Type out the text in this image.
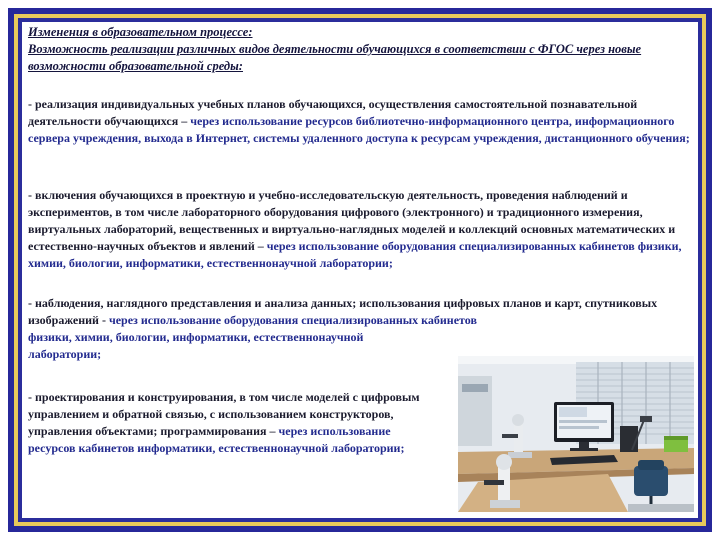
Изменения в образовательном процессе:
Возможность реализации различных видов деятельности обучающихся в соответствии с ФГОС через новые возможности образовательной среды:
- реализация индивидуальных учебных планов обучающихся, осуществления самостоятельной познавательной деятельности обучающихся – через использование ресурсов библиотечно-информационного центра, информационного сервера учреждения, выхода в Интернет, системы удаленного доступа к ресурсам учреждения, дистанционного обучения;
- включения обучающихся в проектную и учебно-исследовательскую деятельность, проведения наблюдений и экспериментов, в том числе лабораторного оборудования цифрового (электронного) и традиционного измерения, виртуальных лабораторий, вещественных и виртуально-наглядных моделей и коллекций основных математических и естественно-научных объектов и явлений – через использование оборудования специализированных кабинетов физики, химии, биологии, информатики, естественнонаучной лаборатории;
- наблюдения, наглядного представления и анализа данных; использования цифровых планов и карт, спутниковых изображений - через использование оборудования специализированных кабинетов
физики, химии, биологии, информатики, естественнонаучной лаборатории;
- проектирования и конструирования, в том числе моделей с цифровым управлением и обратной связью, с использованием конструкторов, управления объектами; программирования – через использование ресурсов кабинетов информатики, естественнонаучной лаборатории;
